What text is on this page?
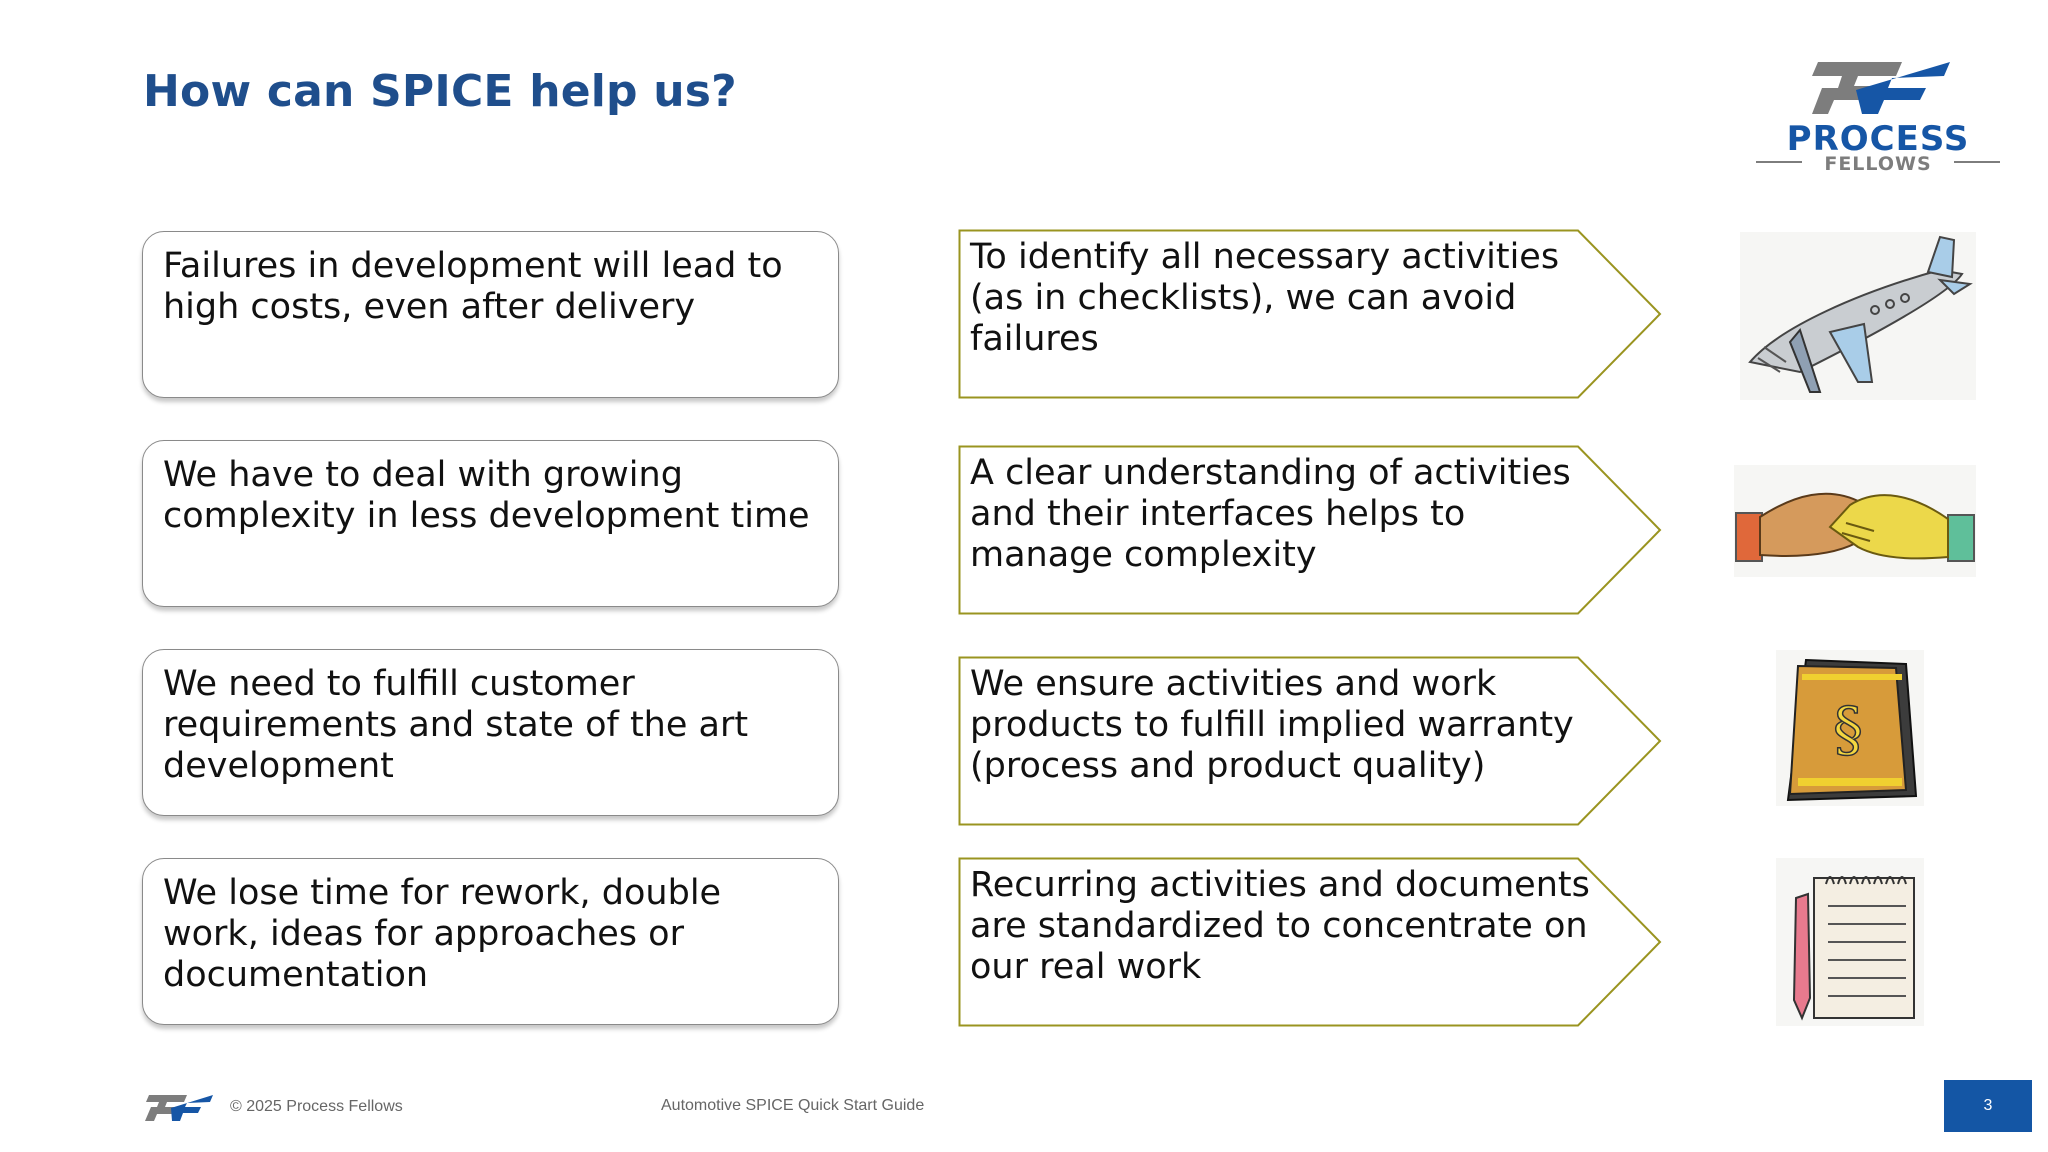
How can SPICE help us?
PROCESS
FELLOWS
Failures in development will lead to high costs, even after delivery
We have to deal with growing complexity in less development time
We need to fulfill customer requirements and state of the art development
We lose time for rework, double work, ideas for approaches or documentation
To identify all necessary activities (as in checklists), we can avoid failures
A clear understanding of activities and their interfaces helps to manage complexity
We ensure activities and work products to fulfill implied warranty (process and product quality)
Recurring activities and documents are standardized to concentrate on our real work
§
© 2025 Process Fellows	Automotive SPICE Quick Start Guide	3
